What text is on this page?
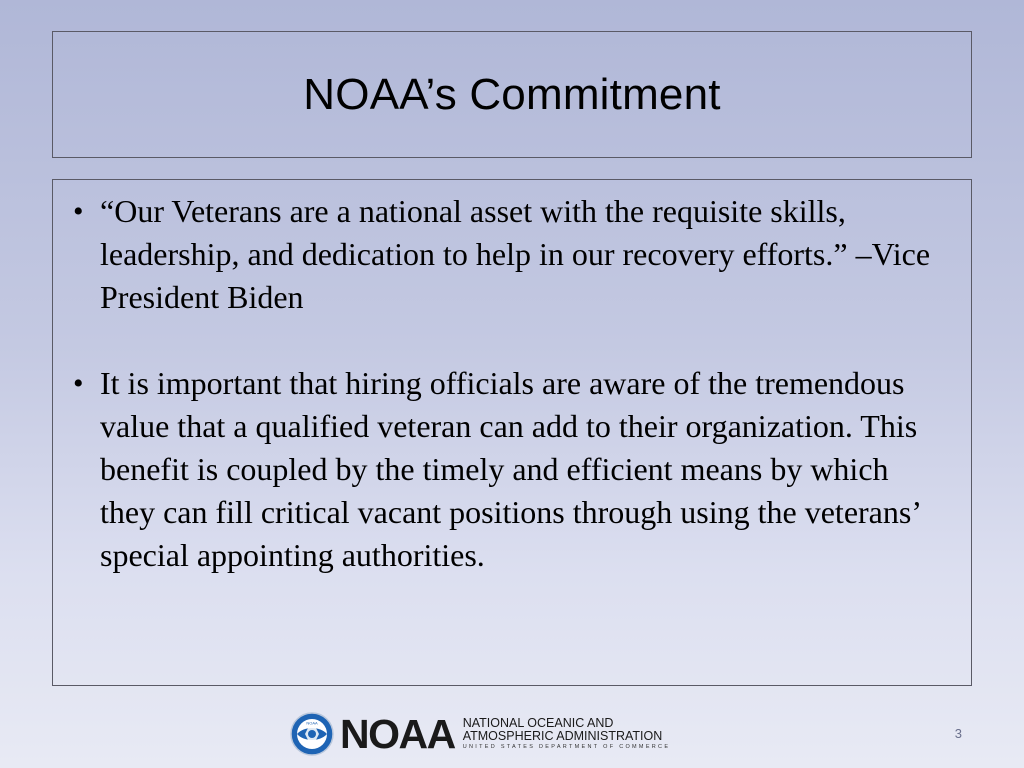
NOAA’s Commitment
• “Our Veterans are a national asset with the requisite skills, leadership, and dedication to help in our recovery efforts.” –Vice President Biden
• It is important that hiring officials are aware of the tremendous value that a qualified veteran can add to their organization. This benefit is coupled by the timely and efficient means by which they can fill critical vacant positions through using the veterans’ special appointing authorities.
NOAA NOAA NATIONAL OCEANIC AND
ATMOSPHERIC ADMINISTRATION
UNITED STATES DEPARTMENT OF COMMERCE
3
